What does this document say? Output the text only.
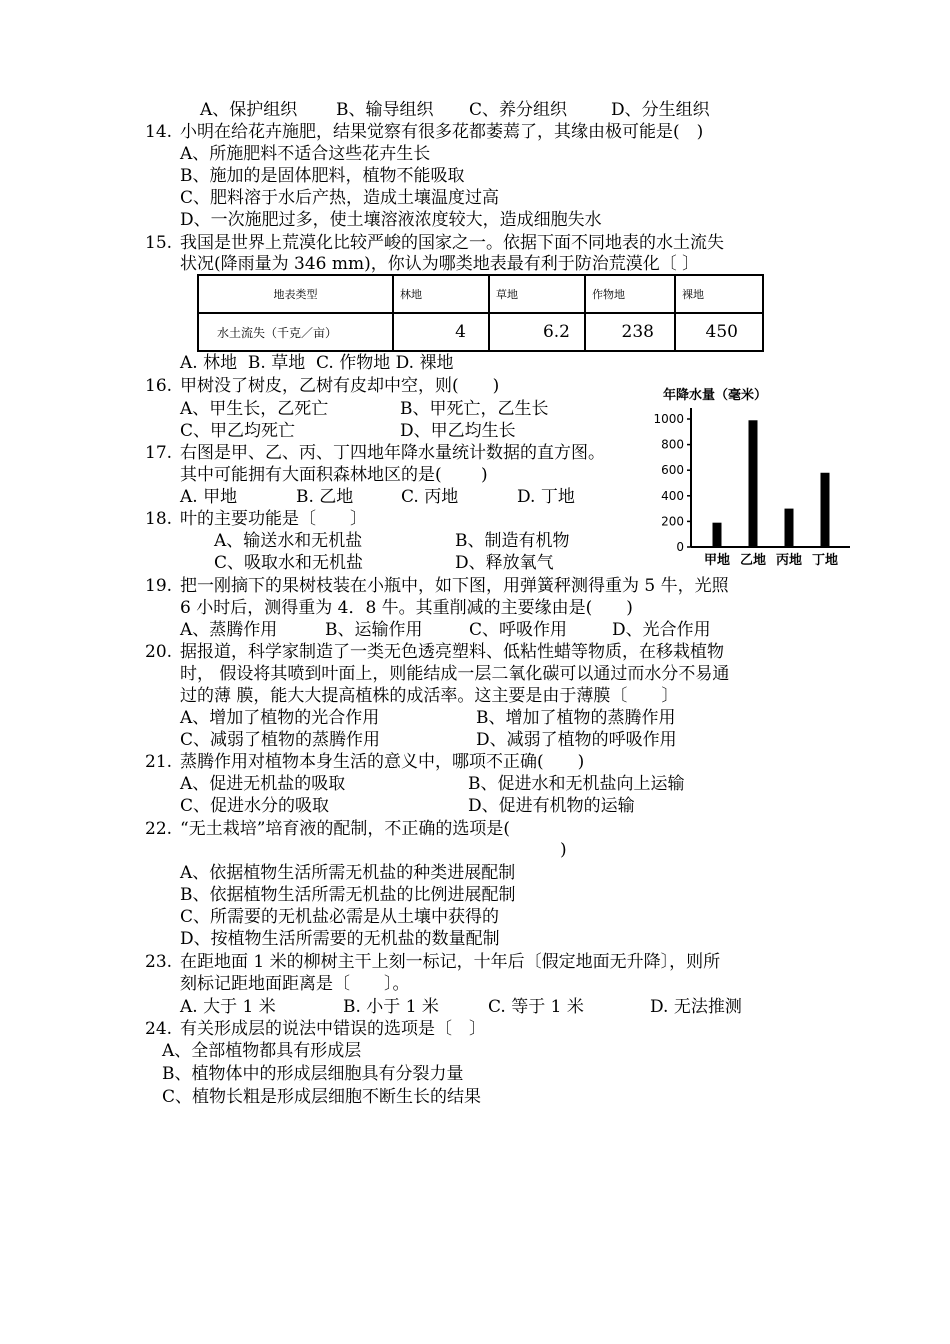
A、保护组织 B、输导组织 C、养分组织	D、分生组织
14. 小明在给花卉施肥，结果觉察有很多花都萎蔫了，其缘由极可能是(　)
A、所施肥料不适合这些花卉生长
B、施加的是固体肥料，植物不能吸取
C、肥料溶于水后产热，造成土壤温度过高
D、一次施肥过多，使土壤溶液浓度较大，造成细胞失水
15. 我国是世界上荒漠化比较严峻的国家之一。依据下面不同地表的水土流失
状况(降雨量为 346 mm)，你认为哪类地表最有利于防治荒漠化〔 〕
地表类型	林地	草地	作物地	裸地
水土流失（千克／亩）	4	6.2	238	450
A. 林地  B. 草地  C. 作物地 D. 裸地
16. 甲树没了树皮，乙树有皮却中空，则(　　)
A、甲生长，乙死亡	B、甲死亡，乙生长
C、甲乙均死亡	D、甲乙均生长
17. 右图是甲、乙、丙、丁四地年降水量统计数据的直方图。
其中可能拥有大面积森林地区的是(　　 )
A. 甲地	B. 乙地	C. 丙地	D. 丁地
18. 叶的主要功能是〔　　〕
A、输送水和无机盐	B、制造有机物
C、吸取水和无机盐	D、释放氧气
19. 把一刚摘下的果树枝装在小瓶中，如下图，用弹簧秤测得重为 5 牛，光照
6 小时后，测得重为 4．8 牛。其重削减的主要缘由是(　　)
A、蒸腾作用	B、运输作用	C、呼吸作用	D、光合作用
20. 据报道，科学家制造了一类无色透亮塑料、低粘性蜡等物质，在移栽植物
时， 假设将其喷到叶面上，则能结成一层二氧化碳可以通过而水分不易通
过的薄 膜，能大大提高植株的成活率。这主要是由于薄膜〔　　〕
A、增加了植物的光合作用	B、增加了植物的蒸腾作用
C、减弱了植物的蒸腾作用	D、减弱了植物的呼吸作用
21. 蒸腾作用对植物本身生活的意义中，哪项不正确(　　)
A、促进无机盐的吸取	B、促进水和无机盐向上运输
C、促进水分的吸取	D、促进有机物的运输
22. “无土栽培”培育液的配制，不正确的选项是(
)
A、依据植物生活所需无机盐的种类进展配制
B、依据植物生活所需无机盐的比例进展配制
C、所需要的无机盐必需是从土壤中获得的
D、按植物生活所需要的无机盐的数量配制
23. 在距地面 1 米的柳树主干上刻一标记，十年后〔假定地面无升降〕，则所
刻标记距地面距离是〔　　〕。
A. 大于 1 米	B. 小于 1 米	C. 等于 1 米	D. 无法推测
24. 有关形成层的说法中错误的选项是〔　〕
A、全部植物都具有形成层
B、植物体中的形成层细胞具有分裂力量
C、植物长粗是形成层细胞不断生长的结果
年降水量（毫米）
0
200
400
600
800
1000
甲地 乙地 丙地 丁地
